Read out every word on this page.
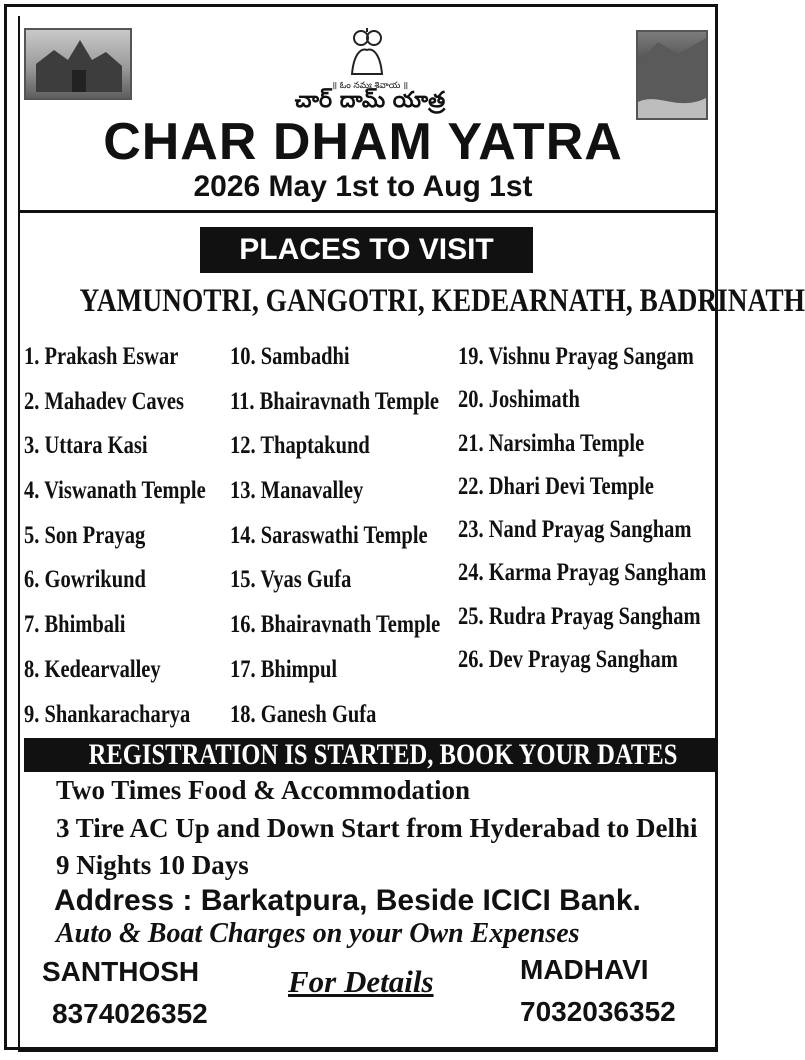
॥ ఓం నమః శివాయ ॥
చార్ దామ్ యాత్ర
CHAR DHAM YATRA
2026 May 1st to Aug 1st
PLACES TO VISIT
YAMUNOTRI, GANGOTRI, KEDEARNATH, BADRINATH
1. Prakash Eswar
2. Mahadev Caves
3. Uttara Kasi
4. Viswanath Temple
5. Son Prayag
6. Gowrikund
7. Bhimbali
8. Kedearvalley
9. Shankaracharya
10. Sambadhi
11. Bhairavnath Temple
12. Thaptakund
13. Manavalley
14. Saraswathi Temple
15. Vyas Gufa
16. Bhairavnath Temple
17. Bhimpul
18. Ganesh Gufa
19. Vishnu Prayag Sangam
20. Joshimath
21. Narsimha Temple
22. Dhari Devi Temple
23. Nand Prayag Sangham
24. Karma Prayag Sangham
25. Rudra Prayag Sangham
26. Dev Prayag Sangham
REGISTRATION IS STARTED, BOOK YOUR DATES
Two Times Food & Accommodation
3 Tire AC Up and Down Start from Hyderabad to Delhi
9 Nights 10 Days
Address : Barkatpura, Beside ICICI Bank.
Auto & Boat Charges on your Own Expenses
SANTHOSH
8374026352
For Details	MADHAVI
7032036352
